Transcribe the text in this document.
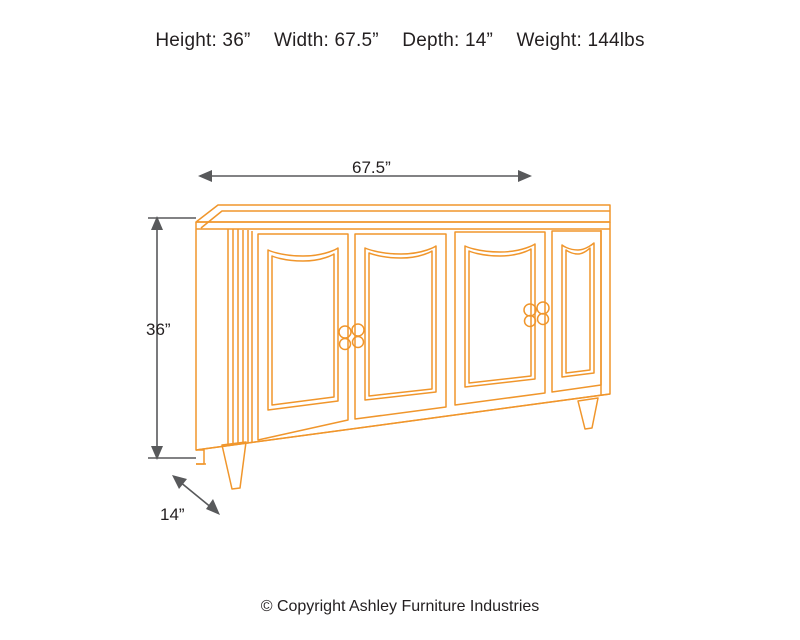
Height: 36” Width: 67.5” Depth: 14” Weight: 144lbs
67.5”
36”
14”
© Copyright Ashley Furniture Industries
